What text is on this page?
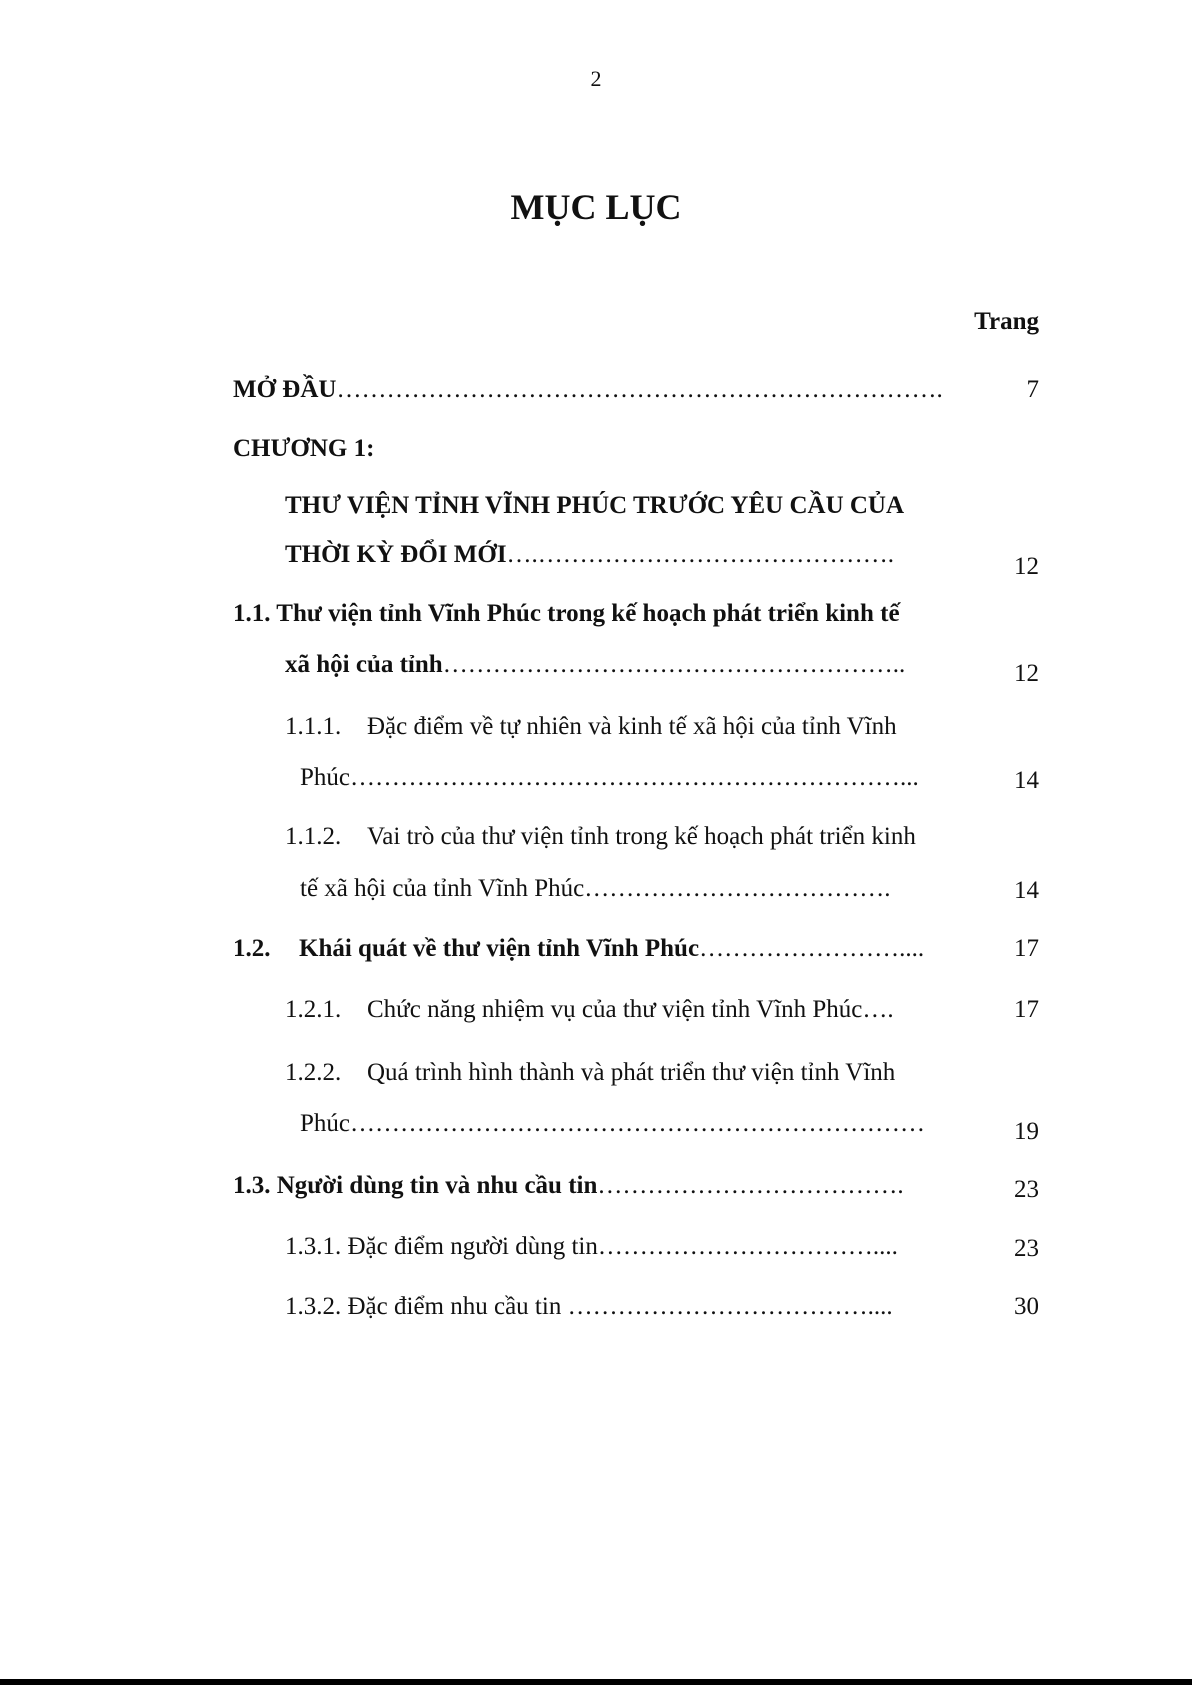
2
MỤC LỤC
Trang
MỞ ĐẦU……………………………………………………………….	7
CHƯƠNG 1:
THƯ VIỆN TỈNH VĨNH PHÚC TRƯỚC YÊU CẦU CỦA
THỜI KỲ ĐỔI MỚI….…………………………………….	12
1.1. Thư viện tỉnh Vĩnh Phúc trong kế hoạch phát triển kinh tế
xã hội của tỉnh………………………………………………..	12
1.1.1. Đặc điểm về tự nhiên và kinh tế xã hội của tỉnh Vĩnh
Phúc…………………………………………………………...	14
1.1.2. Vai trò của thư viện tỉnh trong kế hoạch phát triển kinh
tế xã hội của tỉnh Vĩnh Phúc……………………………….	14
1.2. Khái quát về thư viện tỉnh Vĩnh Phúc……………………....	17
1.2.1. Chức năng nhiệm vụ của thư viện tỉnh Vĩnh Phúc….	17
1.2.2. Quá trình hình thành và phát triển thư viện tỉnh Vĩnh
Phúc……………………………………………………………	19
1.3. Người dùng tin và nhu cầu tin……………………………….	23
1.3.1. Đặc điểm người dùng tin……………………………....	23
1.3.2. Đặc điểm nhu cầu tin ………………………………....	30
